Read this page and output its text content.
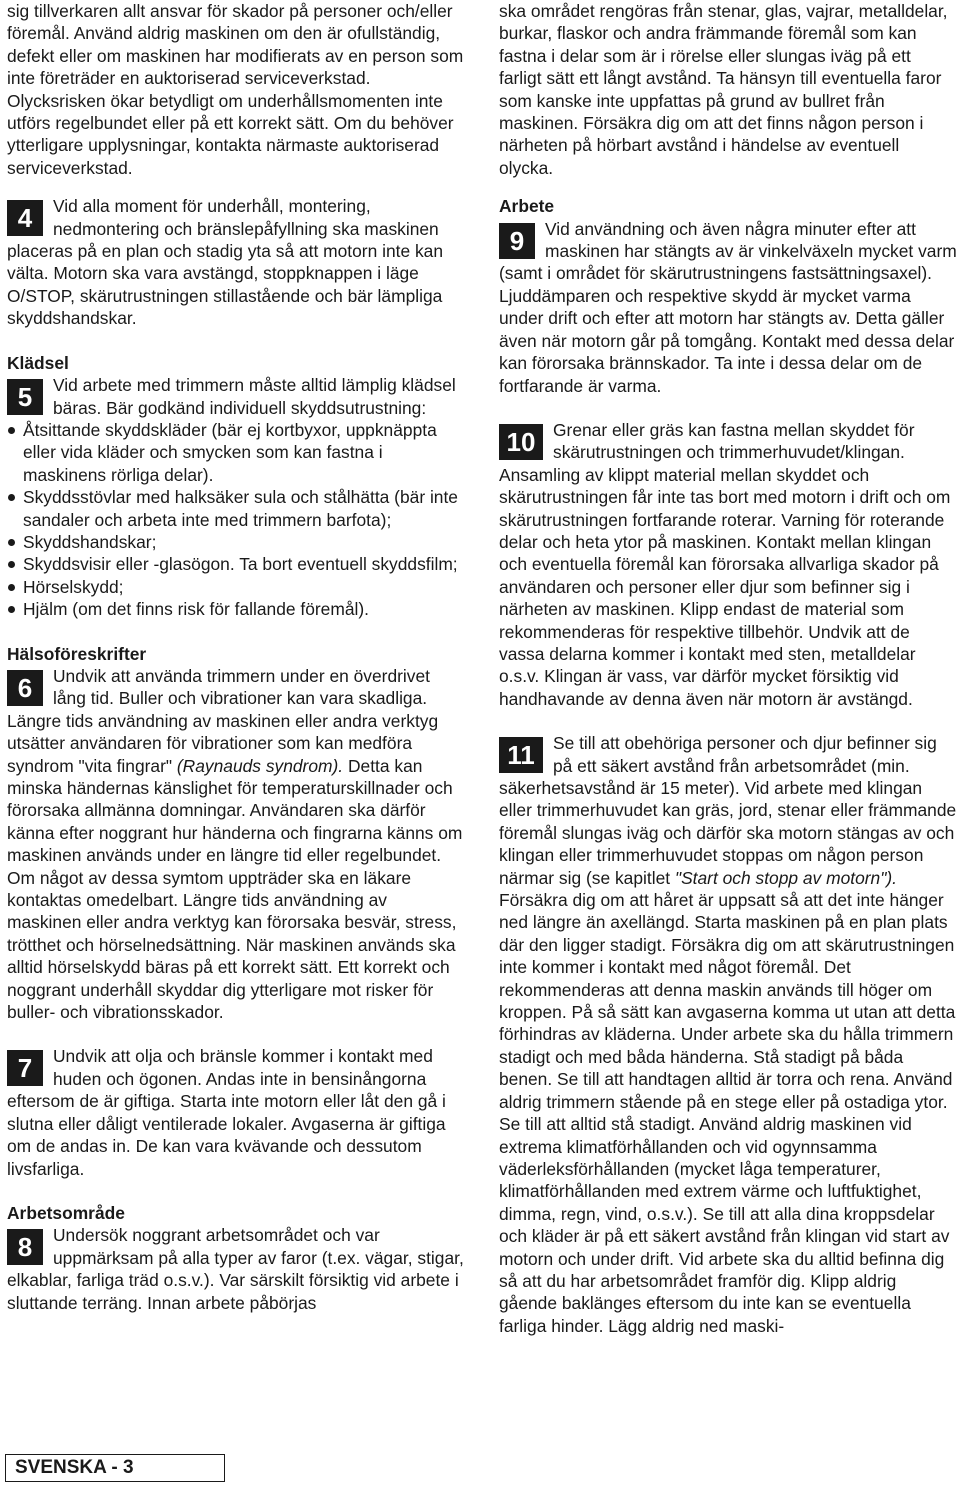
sig tillverkaren allt ansvar för skador på personer och/eller föremål. Använd aldrig maskinen om den är ofullständig, defekt eller om maskinen har modifierats av en person som inte företräder en auktoriserad serviceverkstad. Olycksrisken ökar betydligt om underhållsmomenten inte utförs regelbundet eller på ett korrekt sätt. Om du behöver ytterligare upplysningar, kontakta närmaste auktoriserad serviceverkstad.

4	Vid alla moment för underhåll, montering, nedmontering och bränslepåfyllning ska maskinen placeras på en plan och stadig yta så att motorn inte kan välta. Motorn ska vara avstängd, stoppknappen i läge O/STOP, skärutrustningen stillastående och bär lämpliga skyddshandskar.

Klädsel

5	Vid arbete med trimmern måste alltid lämplig klädsel bäras. Bär godkänd individuell skyddsutrustning:

Åtsittande skyddskläder (bär ej kortbyxor, uppknäppta eller vida kläder och smycken som kan fastna i maskinens rörliga delar).
Skyddsstövlar med halksäker sula och stålhätta (bär inte sandaler och arbeta inte med trimmern barfota);
Skyddshandskar;
Skyddsvisir eller -glasögon. Ta bort eventuell skyddsfilm;
Hörselskydd;
Hjälm (om det finns risk för fallande föremål).
Hälsoföreskrifter

6	Undvik att använda trimmern under en överdrivet lång tid. Buller och vibrationer kan vara skadliga. Längre tids användning av maskinen eller andra verktyg utsätter användaren för vibrationer som kan medföra syndrom "vita fingrar" (Raynauds syndrom). Detta kan minska händernas känslighet för temperaturskillnader och förorsaka allmänna domningar. Användaren ska därför känna efter noggrant hur händerna och fingrarna känns om maskinen används under en längre tid eller regelbundet. Om något av dessa symtom uppträder ska en läkare kontaktas omedelbart. Längre tids användning av maskinen eller andra verktyg kan förorsaka besvär, stress, trötthet och hörselnedsättning. När maskinen används ska alltid hörselskydd bäras på ett korrekt sätt. Ett korrekt och noggrant underhåll skyddar dig ytterligare mot risker för buller- och vibrationsskador.

7	Undvik att olja och bränsle kommer i kontakt med huden och ögonen. Andas inte in bensinångorna eftersom de är giftiga. Starta inte motorn eller låt den gå i slutna eller dåligt ventilerade lokaler. Avgaserna är giftiga om de andas in. De kan vara kvävande och dessutom livsfarliga.

Arbetsområde

8	Undersök noggrant arbetsområdet och var uppmärksam på alla typer av faror (t.ex. vägar, stigar, elkablar, farliga träd o.s.v.). Var särskilt försiktig vid arbete i sluttande terräng. Innan arbete påbörjas

ska området rengöras från stenar, glas, vajrar, metalldelar, burkar, flaskor och andra främmande föremål som kan fastna i delar som är i rörelse eller slungas iväg på ett farligt sätt ett långt avstånd. Ta hänsyn till eventuella faror som kanske inte uppfattas på grund av bullret från maskinen. Försäkra dig om att det finns någon person i närheten på hörbart avstånd i händelse av eventuell olycka.

Arbete

9	Vid användning och även några minuter efter att maskinen har stängts av är vinkelväxeln mycket varm (samt i området för skärutrustningens fastsättningsaxel). Ljuddämparen och respektive skydd är mycket varma under drift och efter att motorn har stängts av. Detta gäller även när motorn går på tomgång. Kontakt med dessa delar kan förorsaka brännskador. Ta inte i dessa delar om de fortfarande är varma.

10	Grenar eller gräs kan fastna mellan skyddet för skärutrustningen och trimmerhuvudet/klingan. Ansamling av klippt material mellan skyddet och skärutrustningen får inte tas bort med motorn i drift och om skärutrustningen fortfarande roterar. Varning för roterande delar och heta ytor på maskinen. Kontakt mellan klingan och eventuella föremål kan förorsaka allvarliga skador på användaren och personer eller djur som befinner sig i närheten av maskinen. Klipp endast de material som rekommenderas för respektive tillbehör. Undvik att de vassa delarna kommer i kontakt med sten, metalldelar o.s.v. Klingan är vass, var därför mycket försiktig vid handhavande av denna även när motorn är avstängd.

11	Se till att obehöriga personer och djur befinner sig på ett säkert avstånd från arbetsområdet (min. säkerhetsavstånd är 15 meter). Vid arbete med klingan eller trimmerhuvudet kan gräs, jord, stenar eller främmande föremål slungas iväg och därför ska motorn stängas av och klingan eller trimmerhuvudet stoppas om någon person närmar sig (se kapitlet "Start och stopp av motorn"). Försäkra dig om att håret är uppsatt så att det inte hänger ned längre än axellängd. Starta maskinen på en plan plats där den ligger stadigt. Försäkra dig om att skärutrustningen inte kommer i kontakt med något föremål. Det rekommenderas att denna maskin används till höger om kroppen. På så sätt kan avgaserna komma ut utan att detta förhindras av kläderna. Under arbete ska du hålla trimmern stadigt och med båda händerna. Stå stadigt på båda benen. Se till att handtagen alltid är torra och rena. Använd aldrig trimmern stående på en stege eller på ostadiga ytor. Se till att alltid stå stadigt. Använd aldrig maskinen vid extrema klimatförhållanden och vid ogynnsamma väderleksförhållanden (mycket låga temperaturer, klimatförhållanden med extrem värme och luftfuktighet, dimma, regn, vind, o.s.v.). Se till att alla dina kroppsdelar och kläder är på ett säkert avstånd från klingan vid start av motorn och under drift. Vid arbete ska du alltid befinna dig så att du har arbetsområdet framför dig. Klipp aldrig gående baklänges eftersom du inte kan se eventuella farliga hinder. Lägg aldrig ned maski-

SVENSKA - 3
